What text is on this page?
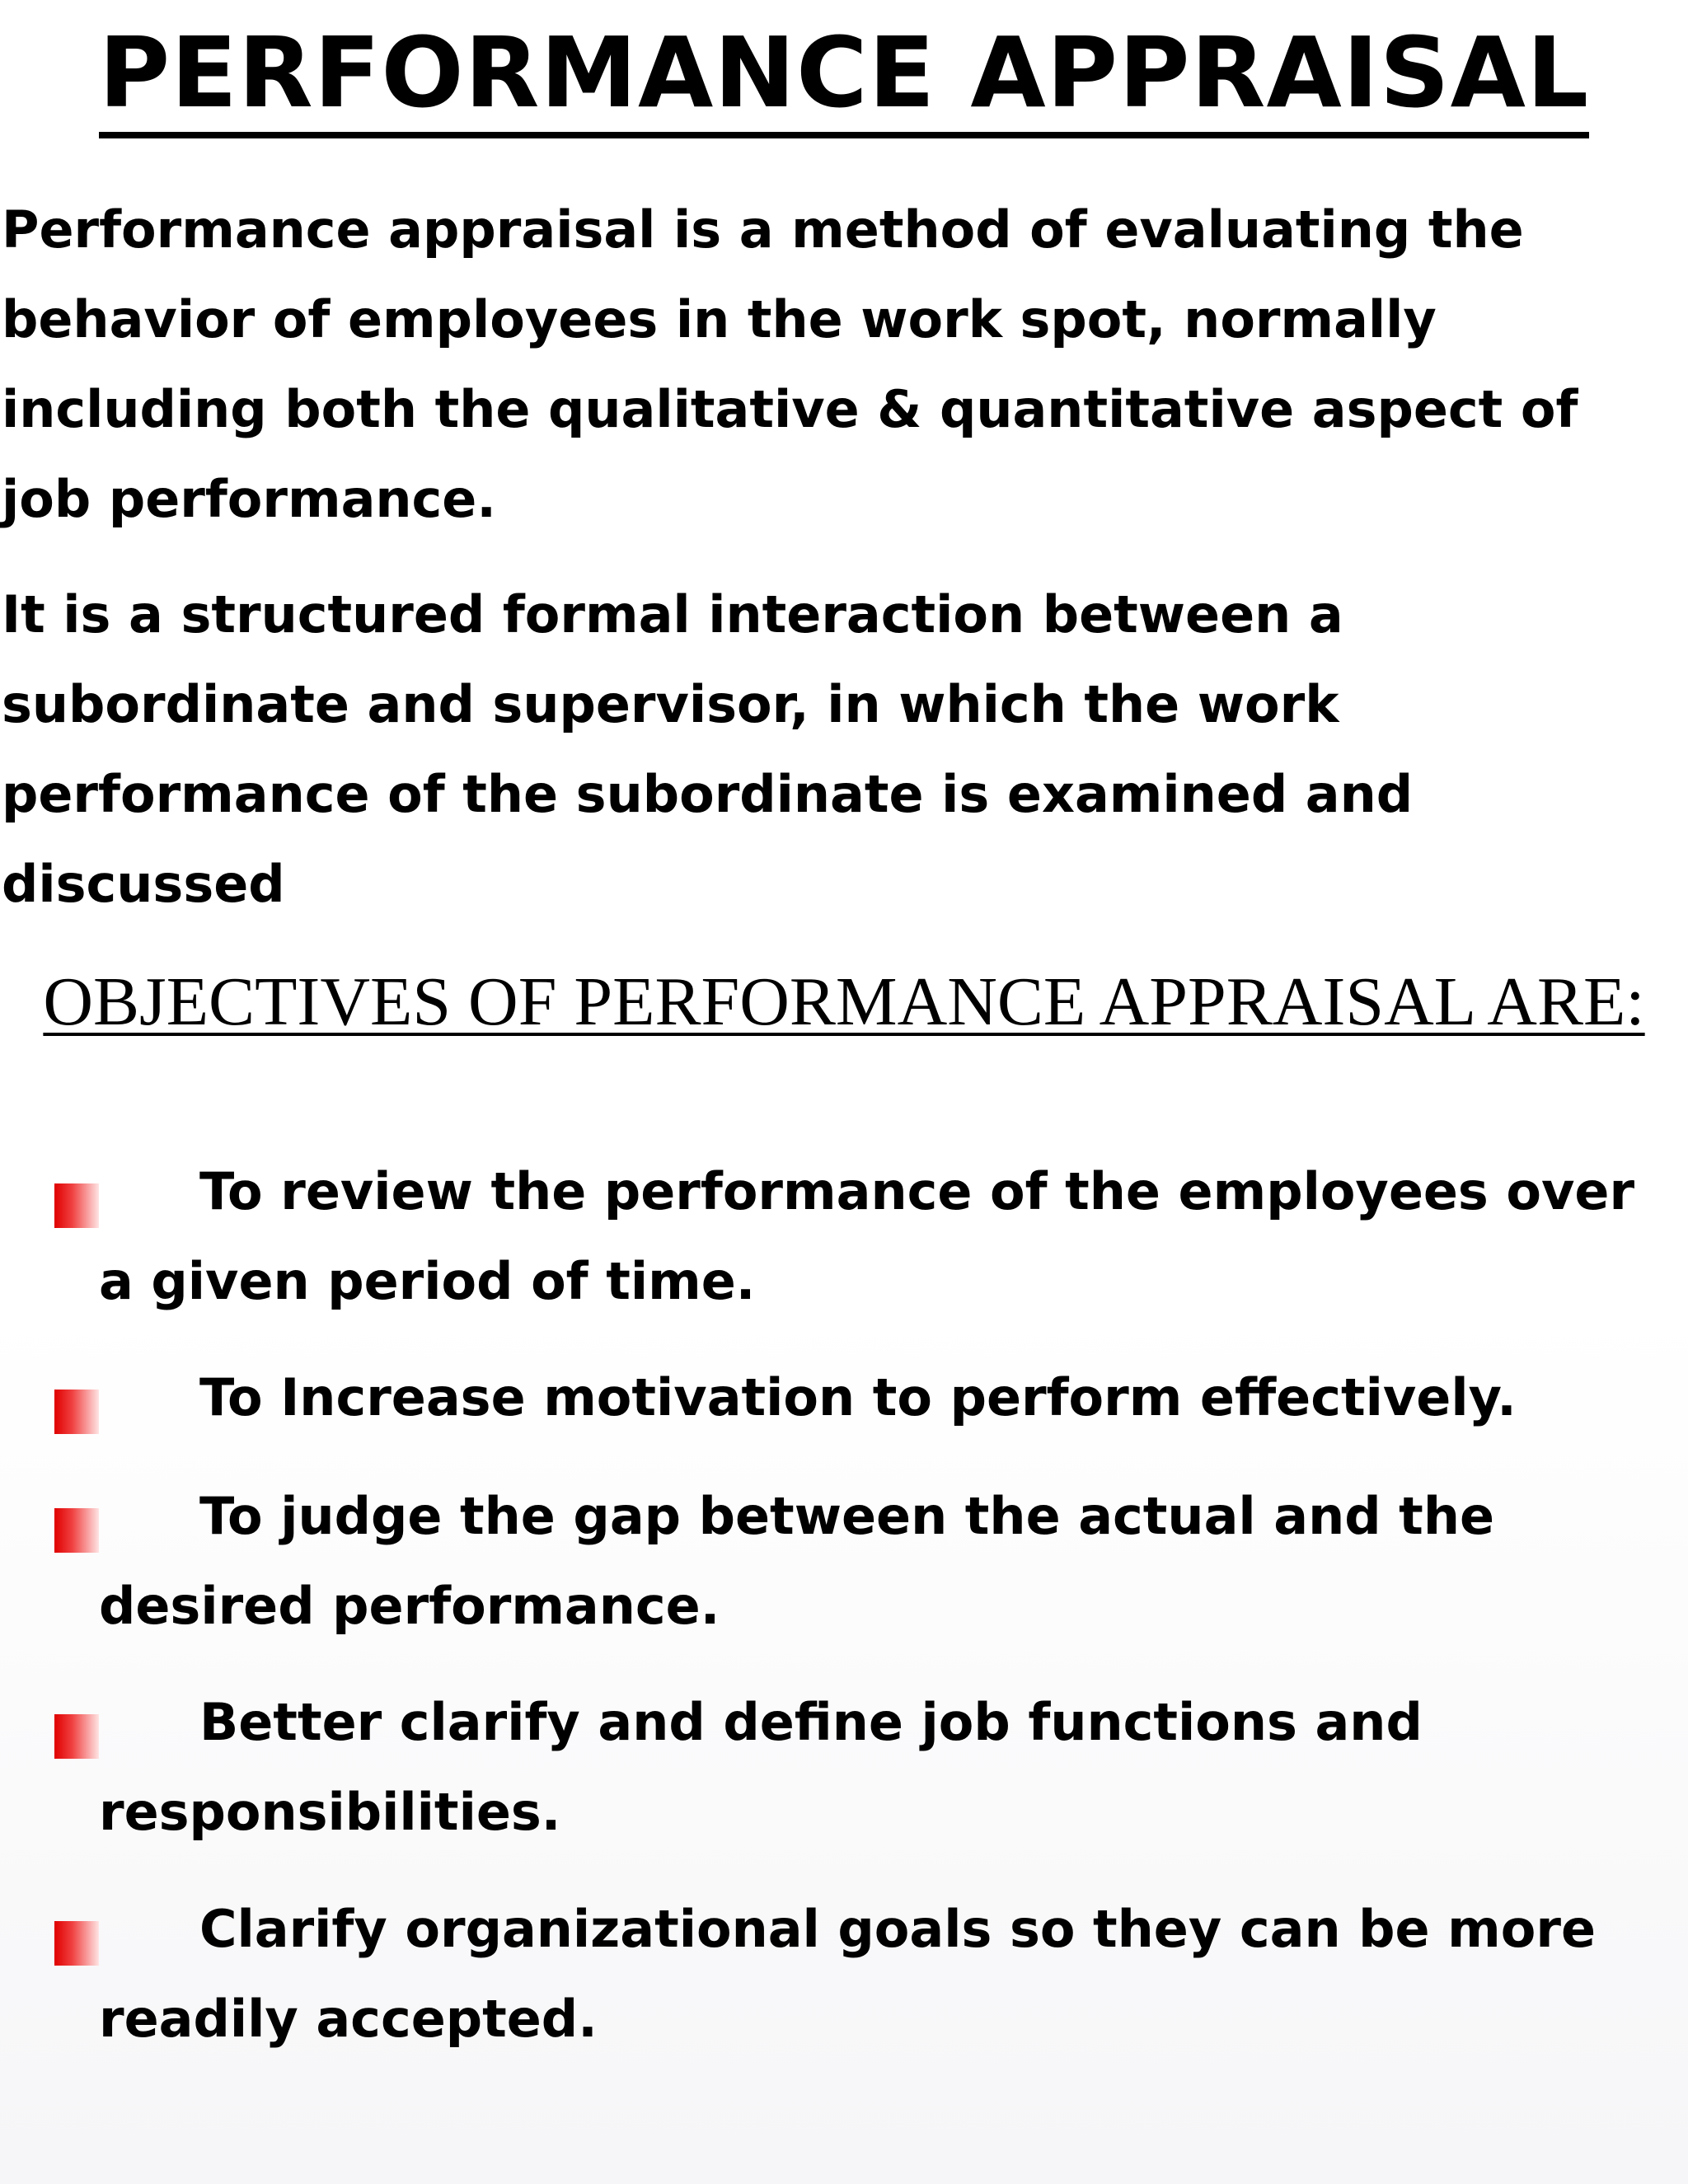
PERFORMANCE APPRAISAL

Performance appraisal is a method of evaluating the behavior of employees in the work spot, normally including both the qualitative & quantitative aspect of job performance.

It is a structured formal interaction between a subordinate and supervisor, in which the work performance of the subordinate is examined and discussed

OBJECTIVES OF PERFORMANCE APPRAISAL ARE:

To review the performance of the employees over a given period of time.

To Increase motivation to perform effectively.

To judge the gap between the actual and the desired performance.

Better clarify and define job functions and responsibilities.

Clarify organizational goals so they can be more readily accepted.
